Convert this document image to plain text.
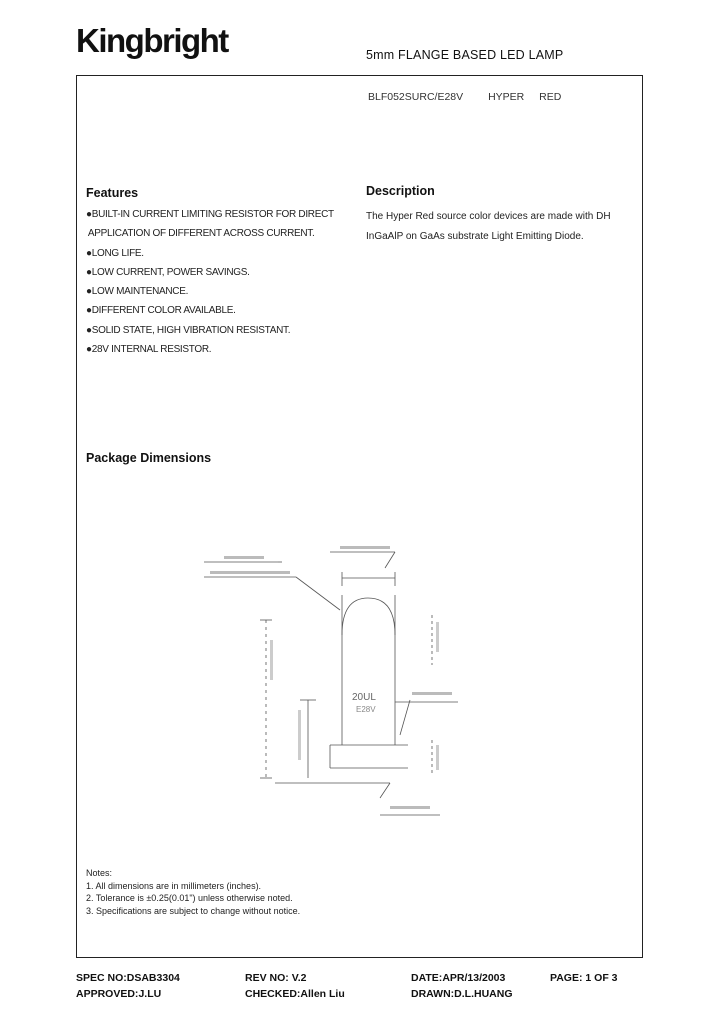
Kingbright	5mm FLANGE BASED LED LAMP
BLF052SURC/E28V HYPER RED
Features
●BUILT-IN CURRENT LIMITING RESISTOR FOR DIRECT
APPLICATION OF DIFFERENT ACROSS CURRENT.
●LONG LIFE.
●LOW CURRENT, POWER SAVINGS.
●LOW MAINTENANCE.
●DIFFERENT COLOR AVAILABLE.
●SOLID STATE, HIGH VIBRATION RESISTANT.
●28V INTERNAL RESISTOR.
Description
The Hyper Red source color devices are made with DH InGaAlP on GaAs substrate Light Emitting Diode.
Package Dimensions
20UL
E28V
Notes:
1. All dimensions are in millimeters (inches).
2. Tolerance is ±0.25(0.01") unless otherwise noted.
3. Specifications are subject to change without notice.
SPEC NO:DSAB3304	REV NO: V.2	DATE:APR/13/2003	PAGE: 1 OF 3
APPROVED:J.LU	CHECKED:Allen Liu	DRAWN:D.L.HUANG
